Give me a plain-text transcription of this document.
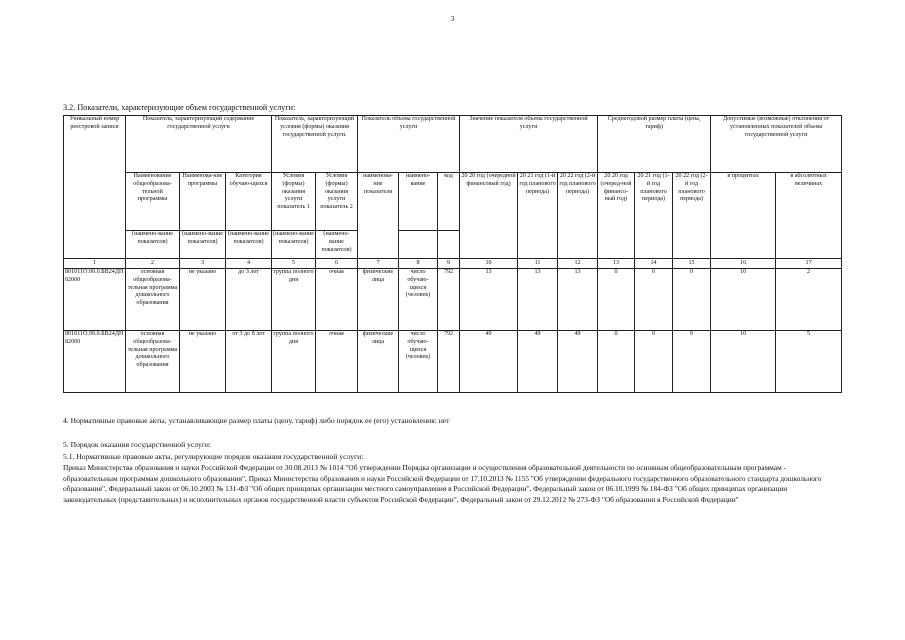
3
3.2. Показатели, характеризующие объем государственной услуги:
Уникальный номер реестровой записи	Показатель, характеризующий содержание государственной услуги			Показатель, характеризующий условия (формы) оказания государственной услуги.		Показатель объема государственной услуги			Значение показателя объема государственной услуги			Среднегодовой размер платы (цена, тариф)			Допустимые (возможные) отклонения от установленных показателей объема государственной услуги	
	Наименование общеобразова-тельной программы	Наименова-ние программы	Категория обучаю-щихся	Условия (формы) оказания услуги показатель 1	Условия (формы) оказания услуги показатель 2	наименова-ние показателя	наимено-вание	код	20 20 год (очередной финансовый год)	20 21 год (1-й год планового периода)	20 22 год (2-й год планового периода)	20 20 год (очеред-ной финансо-вый год)	20 21 год (1-й год планового периода)	20 22 год (2-й год планового периода)	в процентах	в абсолютных величинах
	(наимено-вание показателя)	(наимено-вание показателя)	(наимено-вание показателя)	(наимено-вание показателя)	(наимено-вание показателя)											
1	2	3	4	5	6	7	8	9	10	11	12	13	14	15	16	17
801011О.99.0.БВ24ДП02000	основная общеобразова-тельная программа дошкольного образования	не указано	до 3 лет	группа полного дня	очная	физические лица	число обучаю-щихся (человек)	792	13	13	13	0	0	0	10	2
801011О.99.0.БВ24ДН82000	основная общеобразова-тельная программа дошкольного образования	не указано	от 3 до 8 лет	группа полного дня	очная	физические лица	число обучаю-щихся (человек)	792	49	49	49	0	0	0	10	5
4. Нормативные правовые акты, устанавливающие размер платы (цену, тариф) либо порядок ее (его) установления: нет
5. Порядок оказания государственной услуги:
5.1. Нормативные правовые акты, регулирующие порядок оказания государственной услуги:
Приказ Министерства образования и науки Российской Федерации от 30.08.2013 № 1014 "Об утверждении Порядка организации и осуществления образовательной деятельности по основным общеобразовательным программам - образовательным программам дошкольного образования", Приказ Министерства образования и науки Российской Федерации от 17.10.2013 № 1155 "Об утверждении федерального государственного образовательного стандарта дошкольного образования", Федеральный закон от 06.10.2003 № 131-ФЗ "Об общих принципах организации местного самоуправления в Российской Федерации", Федеральный закон от 06.10.1999 № 184-ФЗ "Об общих принципах организации законодательных (представительных) и исполнительных органов государственной власти субъектов Российской Федерации", Федеральный закон от 29.12.2012 № 273-ФЗ "Об образовании в Российской Федерации"
